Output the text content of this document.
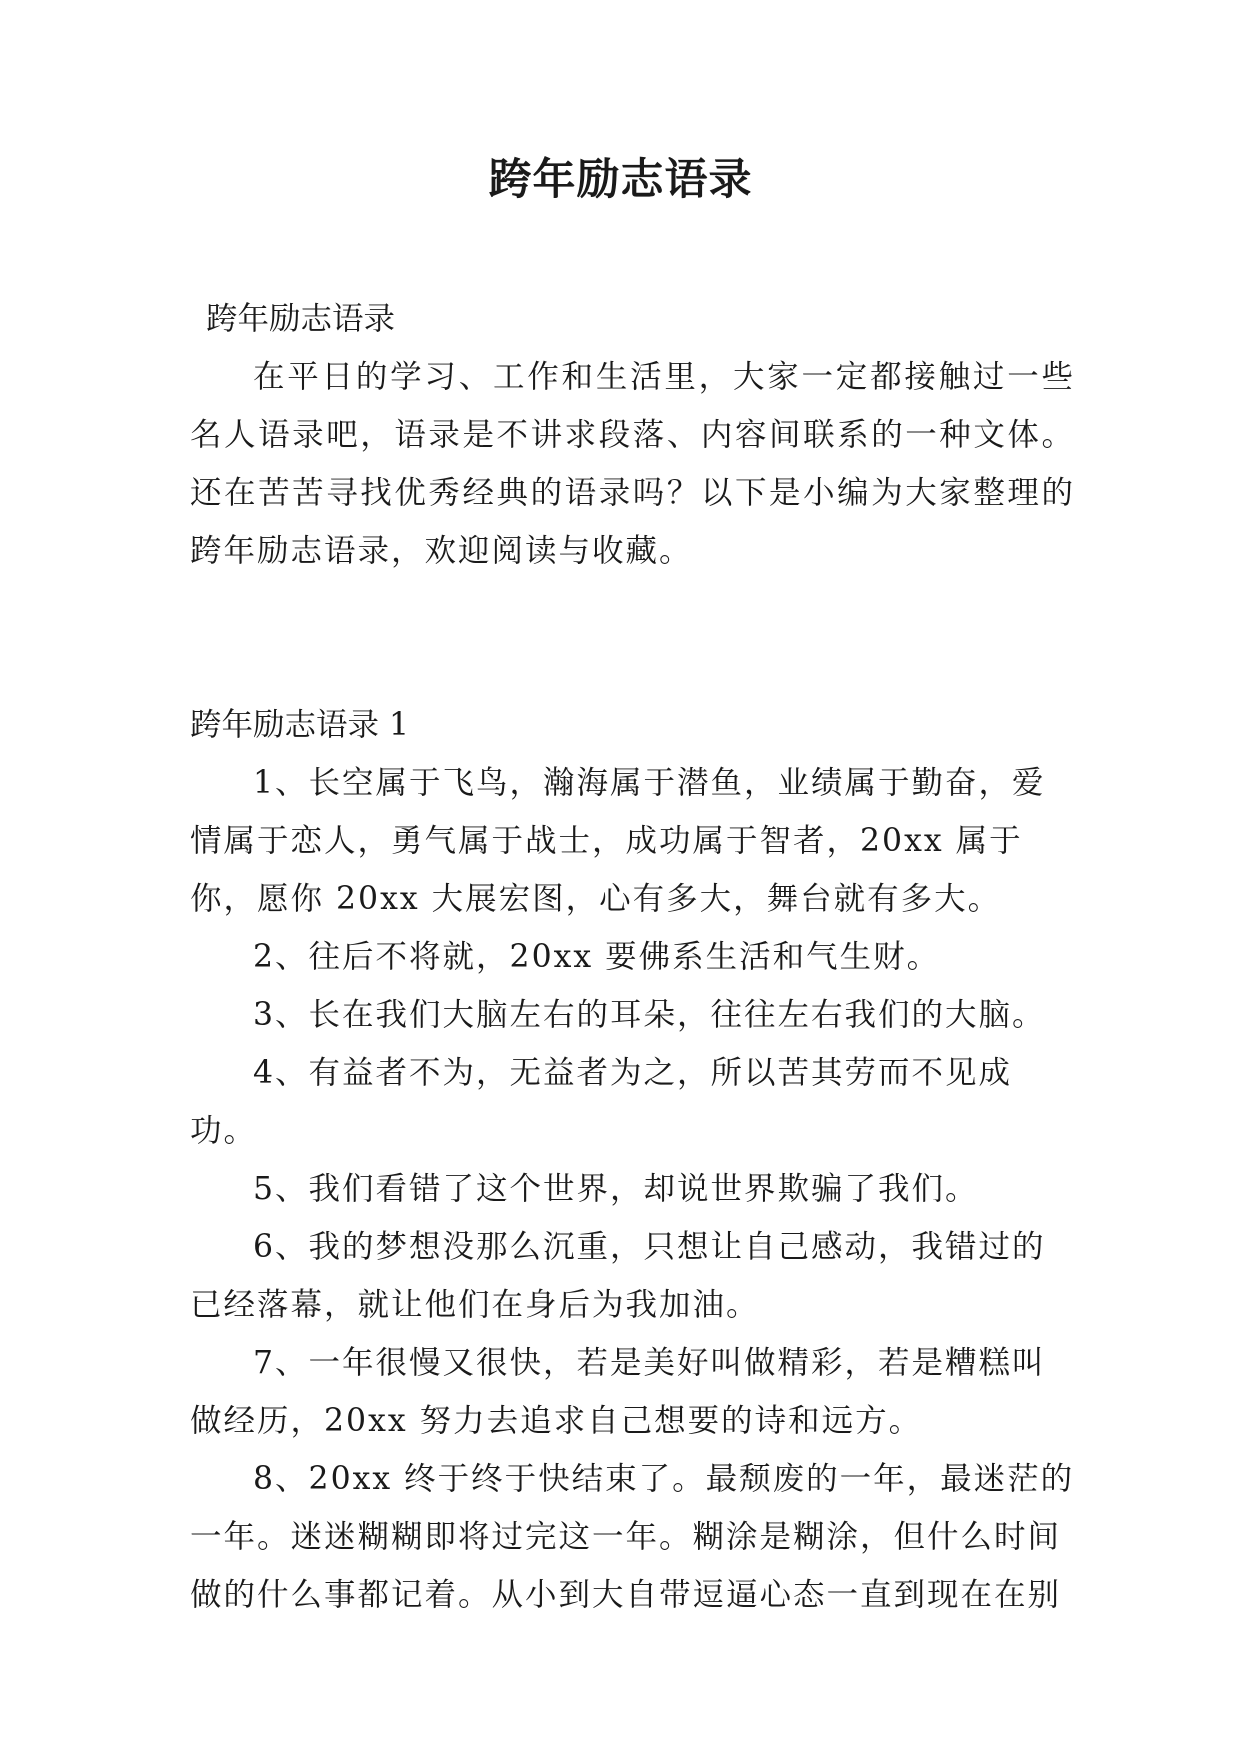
跨年励志语录

跨年励志语录

在平日的学习、工作和生活里，大家一定都接触过一些名人语录吧，语录是不讲求段落、内容间联系的一种文体。还在苦苦寻找优秀经典的语录吗？以下是小编为大家整理的跨年励志语录，欢迎阅读与收藏。

跨年励志语录 1

1、长空属于飞鸟，瀚海属于潜鱼，业绩属于勤奋，爱情属于恋人，勇气属于战士，成功属于智者，20xx 属于你，愿你 20xx 大展宏图，心有多大，舞台就有多大。

2、往后不将就，20xx 要佛系生活和气生财。

3、长在我们大脑左右的耳朵，往往左右我们的大脑。

4、有益者不为，无益者为之，所以苦其劳而不见成功。

5、我们看错了这个世界，却说世界欺骗了我们。

6、我的梦想没那么沉重，只想让自己感动，我错过的已经落幕，就让他们在身后为我加油。

7、一年很慢又很快，若是美好叫做精彩，若是糟糕叫做经历，20xx 努力去追求自己想要的诗和远方。

8、20xx 终于终于快结束了。最颓废的一年，最迷茫的一年。迷迷糊糊即将过完这一年。糊涂是糊涂，但什么时间做的什么事都记着。从小到大自带逗逼心态一直到现在在别
